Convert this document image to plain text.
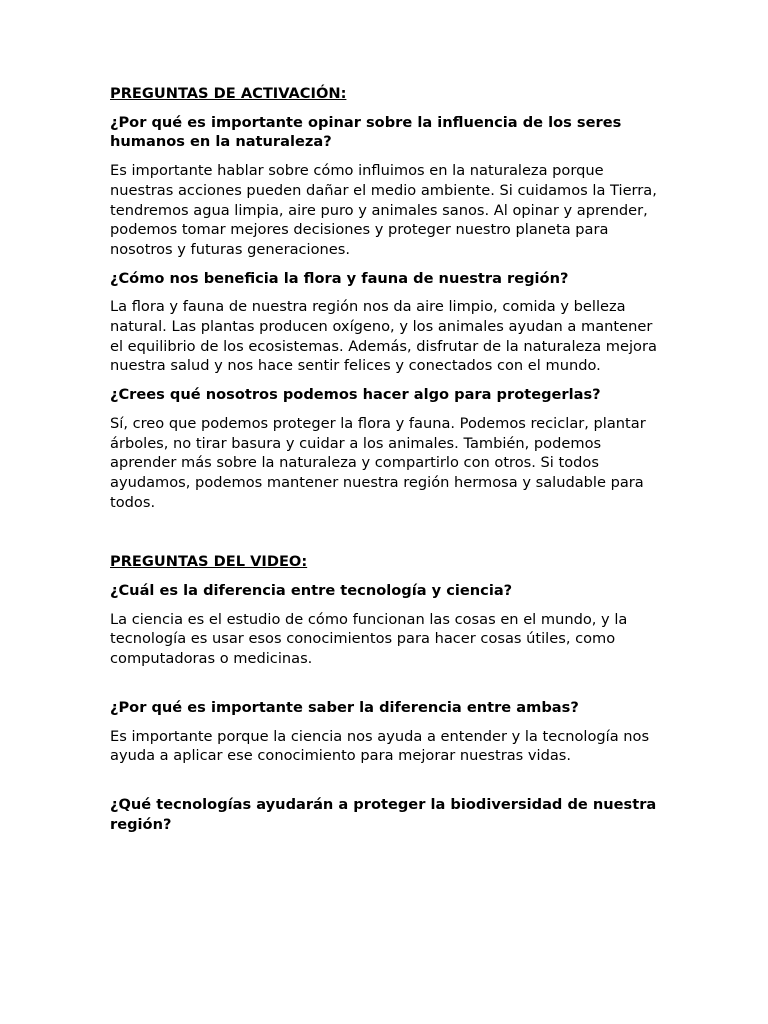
PREGUNTAS DE ACTIVACIÓN:
¿Por qué es importante opinar sobre la influencia de los seres humanos en la naturaleza?
Es importante hablar sobre cómo influimos en la naturaleza porque nuestras acciones pueden dañar el medio ambiente. Si cuidamos la Tierra, tendremos agua limpia, aire puro y animales sanos. Al opinar y aprender, podemos tomar mejores decisiones y proteger nuestro planeta para nosotros y futuras generaciones.
¿Cómo nos beneficia la flora y fauna de nuestra región?
La flora y fauna de nuestra región nos da aire limpio, comida y belleza natural. Las plantas producen oxígeno, y los animales ayudan a mantener el equilibrio de los ecosistemas. Además, disfrutar de la naturaleza mejora nuestra salud y nos hace sentir felices y conectados con el mundo.
¿Crees qué nosotros podemos hacer algo para protegerlas?
Sí, creo que podemos proteger la flora y fauna. Podemos reciclar, plantar árboles, no tirar basura y cuidar a los animales. También, podemos aprender más sobre la naturaleza y compartirlo con otros. Si todos ayudamos, podemos mantener nuestra región hermosa y saludable para todos.
PREGUNTAS DEL VIDEO:
¿Cuál es la diferencia entre tecnología y ciencia?
La ciencia es el estudio de cómo funcionan las cosas en el mundo, y la tecnología es usar esos conocimientos para hacer cosas útiles, como computadoras o medicinas.
¿Por qué es importante saber la diferencia entre ambas?
Es importante porque la ciencia nos ayuda a entender y la tecnología nos ayuda a aplicar ese conocimiento para mejorar nuestras vidas.
¿Qué tecnologías ayudarán a proteger la biodiversidad de nuestra región?
